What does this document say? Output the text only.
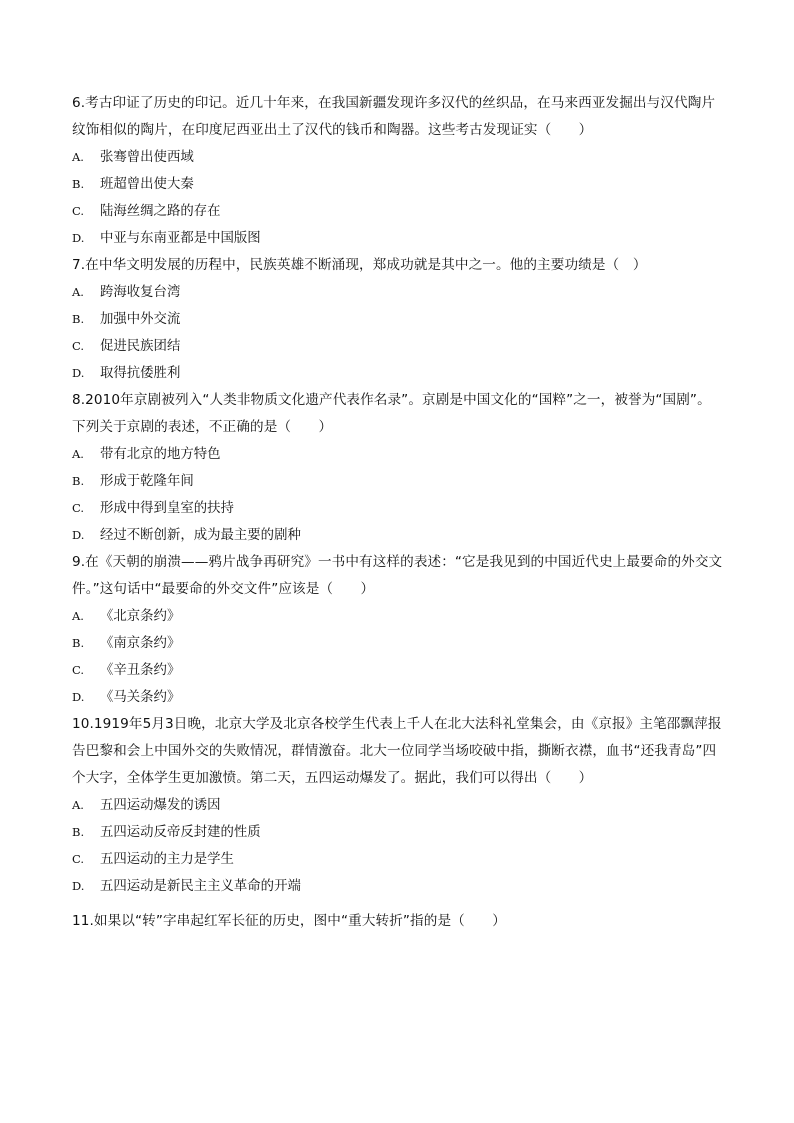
6.考古印证了历史的印记。近几十年来，在我国新疆发现许多汉代的丝织品，在马来西亚发掘出与汉代陶片纹饰相似的陶片，在印度尼西亚出土了汉代的钱币和陶器。这些考古发现证实（　　）

A. 张骞曾出使西域

B. 班超曾出使大秦

C. 陆海丝绸之路的存在

D. 中亚与东南亚都是中国版图

7.在中华文明发展的历程中，民族英雄不断涌现，郑成功就是其中之一。他的主要功绩是（　）

A. 跨海收复台湾

B. 加强中外交流

C. 促进民族团结

D. 取得抗倭胜利

8.2010年京剧被列入“人类非物质文化遗产代表作名录”。京剧是中国文化的“国粹”之一，被誉为“国剧”。下列关于京剧的表述，不正确的是（　　）

A. 带有北京的地方特色

B. 形成于乾隆年间

C. 形成中得到皇室的扶持

D. 经过不断创新，成为最主要的剧种

9.在《天朝的崩溃——鸦片战争再研究》一书中有这样的表述：“它是我见到的中国近代史上最要命的外交文件。”这句话中“最要命的外交文件”应该是（　　）

A. 《北京条约》

B. 《南京条约》

C. 《辛丑条约》

D. 《马关条约》

10.1919年5月3日晚，北京大学及北京各校学生代表上千人在北大法科礼堂集会，由《京报》主笔邵飘萍报告巴黎和会上中国外交的失败情况，群情激奋。北大一位同学当场咬破中指，撕断衣襟，血书“还我青岛”四个大字，全体学生更加激愤。第二天，五四运动爆发了。据此，我们可以得出（　　）

A. 五四运动爆发的诱因

B. 五四运动反帝反封建的性质

C. 五四运动的主力是学生

D. 五四运动是新民主主义革命的开端

11.如果以“转”字串起红军长征的历史，图中“重大转折”指的是（　　）
